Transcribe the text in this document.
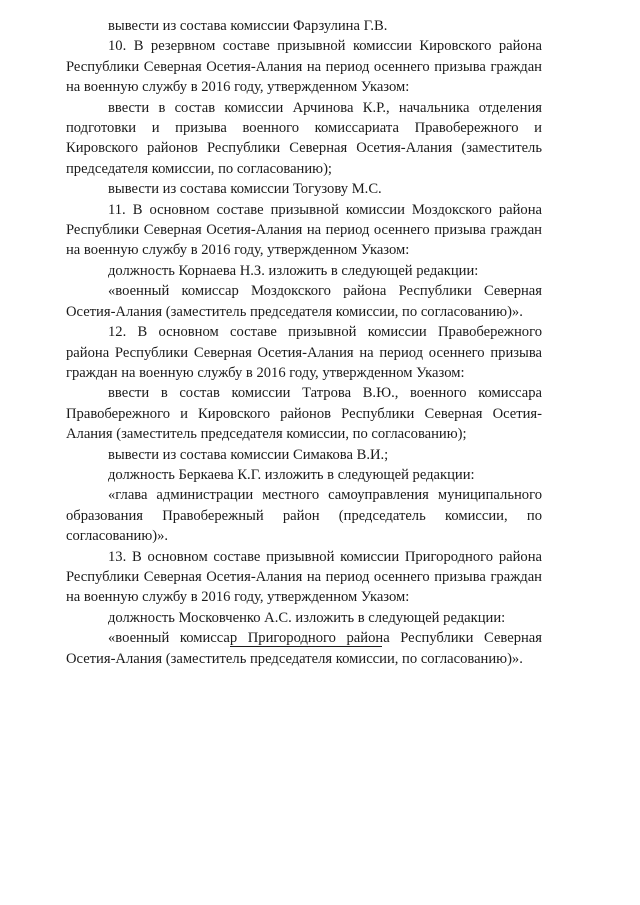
вывести из состава комиссии Фарзулина Г.В.

10. В резервном составе призывной комиссии Кировского района Республики Северная Осетия-Алания на период осеннего призыва граждан на военную службу в 2016 году, утвержденном Указом:

ввести в состав комиссии Арчинова К.Р., начальника отделения подготовки и призыва военного комиссариата Правобережного и Кировского районов Республики Северная Осетия-Алания (заместитель председателя комиссии, по согласованию);

вывести из состава комиссии Тогузову М.С.

11. В основном составе призывной комиссии Моздокского района Республики Северная Осетия-Алания на период осеннего призыва граждан на военную службу в 2016 году, утвержденном Указом:

должность Корнаева Н.З. изложить в следующей редакции:

«военный комиссар Моздокского района Республики Северная Осетия-Алания (заместитель председателя комиссии, по согласованию)».

12. В основном составе призывной комиссии Правобережного района Республики Северная Осетия-Алания на период осеннего призыва граждан на военную службу в 2016 году, утвержденном Указом:

ввести в состав комиссии Татрова В.Ю., военного комиссара Правобережного и Кировского районов Республики Северная Осетия-Алания (заместитель председателя комиссии, по согласованию);

вывести из состава комиссии Симакова В.И.;

должность Беркаева К.Г. изложить в следующей редакции:

«глава администрации местного самоуправления муниципального образования Правобережный район (председатель комиссии, по согласованию)».

13. В основном составе призывной комиссии Пригородного района Республики Северная Осетия-Алания на период осеннего призыва граждан на военную службу в 2016 году, утвержденном Указом:

должность Московченко А.С. изложить в следующей редакции:

«военный комиссар Пригородного района Республики Северная Осетия-Алания (заместитель председателя комиссии, по согласованию)».
